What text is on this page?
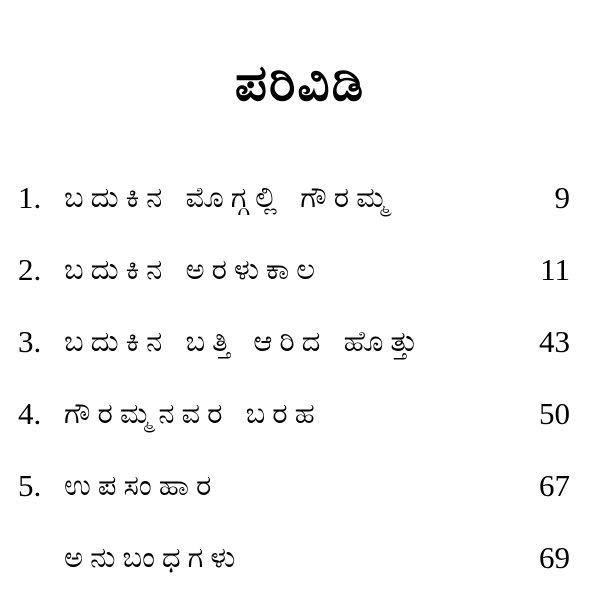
ಪರಿವಿಡಿ
1. ಬದುಕಿನ ಮೊಗ್ಗಲ್ಲಿ ಗೌರಮ್ಮ	9
2. ಬದುಕಿನ ಅರಳುಕಾಲ	11
3. ಬದುಕಿನ ಬತ್ತಿ ಆರಿದ ಹೊತ್ತು	43
4. ಗೌರಮ್ಮನವರ ಬರಹ	50
5. ಉಪಸಂಹಾರ	67
ಅನುಬಂಧಗಳು	69
